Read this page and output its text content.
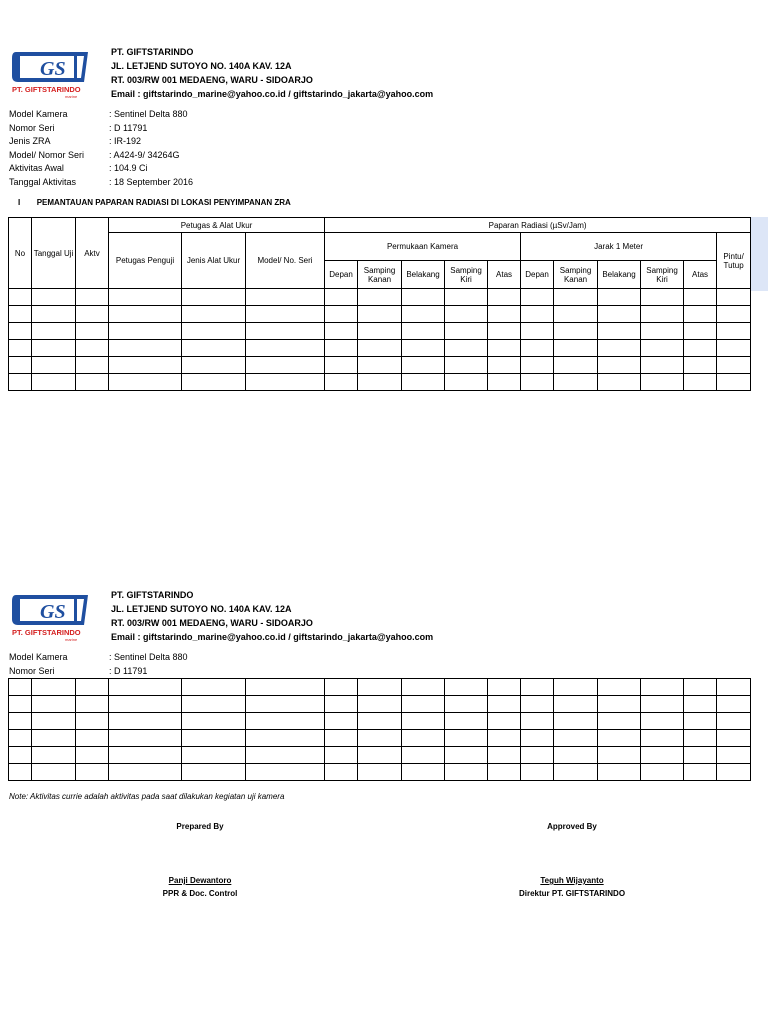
GS
PT. GIFTSTARINDO
marine
PT. GIFTSTARINDO
JL. LETJEND SUTOYO NO. 140A KAV. 12A
RT. 003/RW 001 MEDAENG, WARU - SIDOARJO
Email : giftstarindo_marine@yahoo.co.id / giftstarindo_jakarta@yahoo.com
Model Kamera	: Sentinel Delta 880
Nomor Seri	: D 11791
Jenis ZRA	: IR-192
Model/ Nomor Seri	: A424-9/ 34264G
Aktivitas Awal	: 104.9 Ci
Tanggal Aktivitas	: 18 September 2016
I PEMANTAUAN PAPARAN RADIASI DI LOKASI PENYIMPANAN ZRA
No	Tanggal Uji	Aktv	Petugas & Alat Ukur			Paparan Radiasi (µSv/Jam)										
			Petugas Penguji	Jenis Alat Ukur	Model/ No. Seri	Permukaan Kamera					Jarak 1 Meter					Pintu/ Tutup
						Depan	Samping Kanan	Belakang	Samping Kiri	Atas	Depan	Samping Kanan	Belakang	Samping Kiri	Atas	

GS
PT. GIFTSTARINDO
marine
PT. GIFTSTARINDO
JL. LETJEND SUTOYO NO. 140A KAV. 12A
RT. 003/RW 001 MEDAENG, WARU - SIDOARJO
Email : giftstarindo_marine@yahoo.co.id / giftstarindo_jakarta@yahoo.com
Model Kamera	: Sentinel Delta 880
Nomor Seri	: D 11791

Note: Aktivitas currie adalah aktivitas pada saat dilakukan kegiatan uji kamera
Prepared By
Panji Dewantoro
PPR & Doc. Control
Approved By
Teguh Wijayanto
Direktur PT. GIFTSTARINDO
